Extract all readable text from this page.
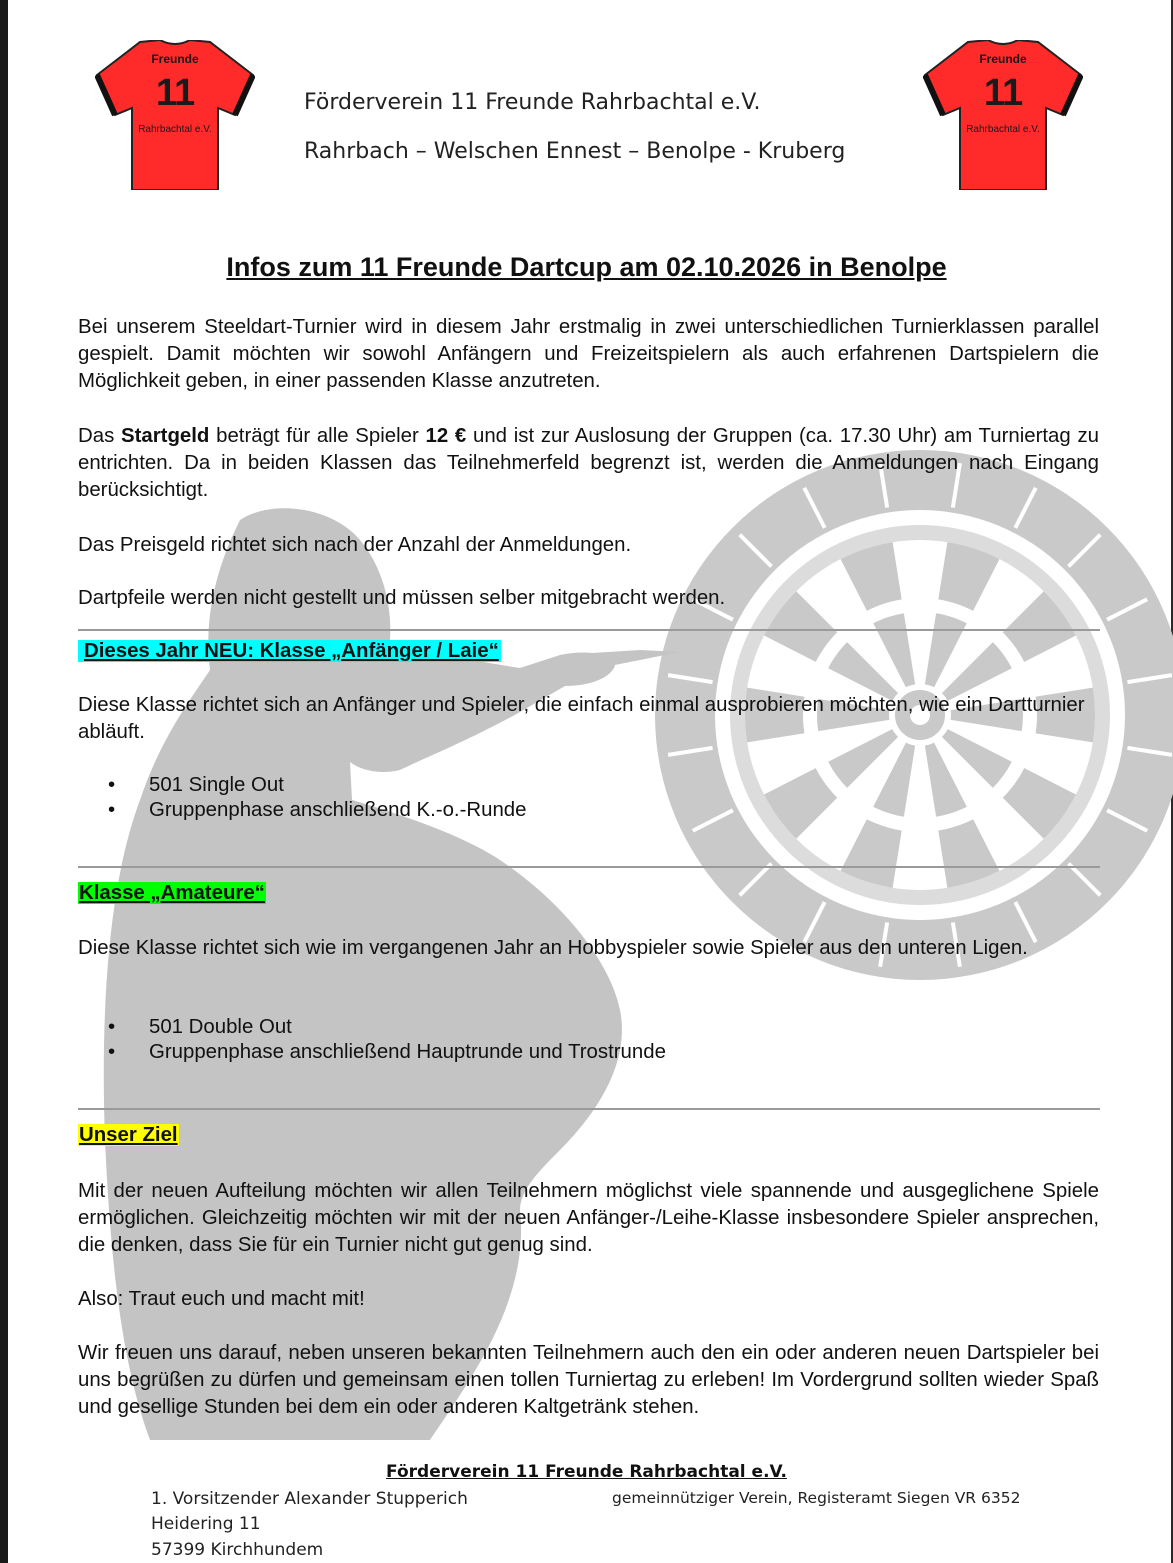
Freunde
11
Rahrbachtal e.V.
Freunde
11
Rahrbachtal e.V.
Förderverein 11 Freunde Rahrbachtal e.V.
Rahrbach – Welschen Ennest – Benolpe - Kruberg
Infos zum 11 Freunde Dartcup am 02.10.2026 in Benolpe
Bei unserem Steeldart-Turnier wird in diesem Jahr erstmalig in zwei unterschiedlichen Turnierklassen parallel gespielt. Damit möchten wir sowohl Anfängern und Freizeitspielern als auch erfahrenen Dartspielern die Möglichkeit geben, in einer passenden Klasse anzutreten.
Das Startgeld beträgt für alle Spieler 12 € und ist zur Auslosung der Gruppen (ca. 17.30 Uhr) am Turniertag zu entrichten. Da in beiden Klassen das Teilnehmerfeld begrenzt ist, werden die Anmeldungen nach Eingang berücksichtigt.
Das Preisgeld richtet sich nach der Anzahl der Anmeldungen.
Dartpfeile werden nicht gestellt und müssen selber mitgebracht werden.
Dieses Jahr NEU: Klasse „Anfänger / Laie“
Diese Klasse richtet sich an Anfänger und Spieler, die einfach einmal ausprobieren möchten, wie ein Dartturnier abläuft.
• 501 Single Out
• Gruppenphase anschließend K.-o.-Runde
Klasse „Amateure“
Diese Klasse richtet sich wie im vergangenen Jahr an Hobbyspieler sowie Spieler aus den unteren Ligen.
• 501 Double Out
• Gruppenphase anschließend Hauptrunde und Trostrunde
Unser Ziel
Mit der neuen Aufteilung möchten wir allen Teilnehmern möglichst viele spannende und ausgeglichene Spiele ermöglichen. Gleichzeitig möchten wir mit der neuen Anfänger-/Leihe-Klasse insbesondere Spieler ansprechen, die denken, dass Sie für ein Turnier nicht gut genug sind.
Also: Traut euch und macht mit!
Wir freuen uns darauf, neben unseren bekannten Teilnehmern auch den ein oder anderen neuen Dartspieler bei uns begrüßen zu dürfen und gemeinsam einen tollen Turniertag zu erleben! Im Vordergrund sollten wieder Spaß und gesellige Stunden bei dem ein oder anderen Kaltgetränk stehen.
Förderverein 11 Freunde Rahrbachtal e.V.
1. Vorsitzender Alexander Stupperich	gemeinnütziger Verein, Registeramt Siegen VR 6352
Heidering 11
57399 Kirchhundem
